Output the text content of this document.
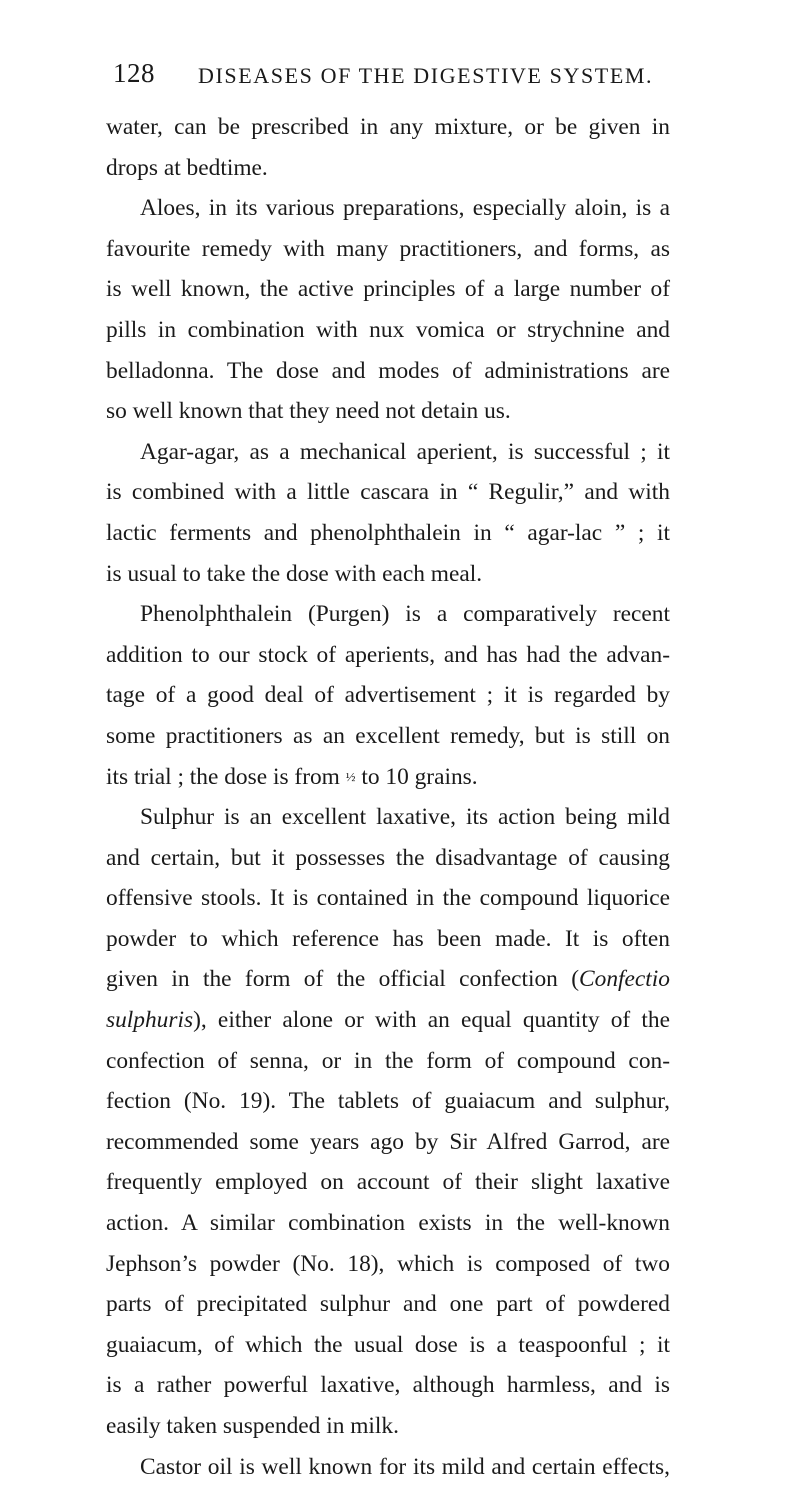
128 DISEASES OF THE DIGESTIVE SYSTEM.
water, can be prescribed in any mixture, or be given in
drops at bedtime.
Aloes, in its various preparations, especially aloin, is a
favourite remedy with many practitioners, and forms, as
is well known, the active principles of a large number of
pills in combination with nux vomica or strychnine and
belladonna. The dose and modes of administrations are
so well known that they need not detain us.
Agar-agar, as a mechanical aperient, is successful ; it
is combined with a little cascara in “ Regulir,” and with
lactic ferments and phenolphthalein in “ agar-lac ” ; it
is usual to take the dose with each meal.
Phenolphthalein (Purgen) is a comparatively recent
addition to our stock of aperients, and has had the advan-
tage of a good deal of advertisement ; it is regarded by
some practitioners as an excellent remedy, but is still on
its trial ; the dose is from ½ to 10 grains.
Sulphur is an excellent laxative, its action being mild
and certain, but it possesses the disadvantage of causing
offensive stools. It is contained in the compound liquorice
powder to which reference has been made. It is often
given in the form of the official confection (Confectio
sulphuris), either alone or with an equal quantity of the
confection of senna, or in the form of compound con-
fection (No. 19). The tablets of guaiacum and sulphur,
recommended some years ago by Sir Alfred Garrod, are
frequently employed on account of their slight laxative
action. A similar combination exists in the well-known
Jephson’s powder (No. 18), which is composed of two
parts of precipitated sulphur and one part of powdered
guaiacum, of which the usual dose is a teaspoonful ; it
is a rather powerful laxative, although harmless, and is
easily taken suspended in milk.
Castor oil is well known for its mild and certain effects,
